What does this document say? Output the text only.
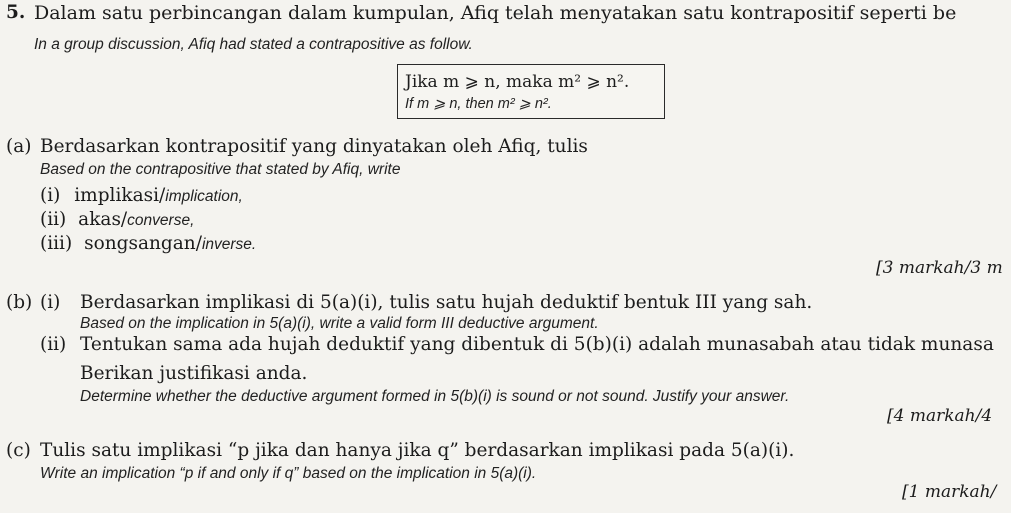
5. Dalam satu perbincangan dalam kumpulan, Afiq telah menyatakan satu kontrapositif seperti be
In a group discussion, Afiq had stated a contrapositive as follow.
Jika m ⩾ n, maka m² ⩾ n².
If m ⩾ n, then m² ⩾ n².
(a) Berdasarkan kontrapositif yang dinyatakan oleh Afiq, tulis
Based on the contrapositive that stated by Afiq, write
(i) implikasi/implication,
(ii) akas/converse,
(iii) songsangan/inverse.
[3 markah/3 m
(b) (i) Berdasarkan implikasi di 5(a)(i), tulis satu hujah deduktif bentuk III yang sah.
Based on the implication in 5(a)(i), write a valid form III deductive argument.
(ii) Tentukan sama ada hujah deduktif yang dibentuk di 5(b)(i) adalah munasabah atau tidak munasa
Berikan justifikasi anda.
Determine whether the deductive argument formed in 5(b)(i) is sound or not sound. Justify your answer.
[4 markah/4
(c) Tulis satu implikasi “p jika dan hanya jika q” berdasarkan implikasi pada 5(a)(i).
Write an implication “p if and only if q” based on the implication in 5(a)(i).
[1 markah/
